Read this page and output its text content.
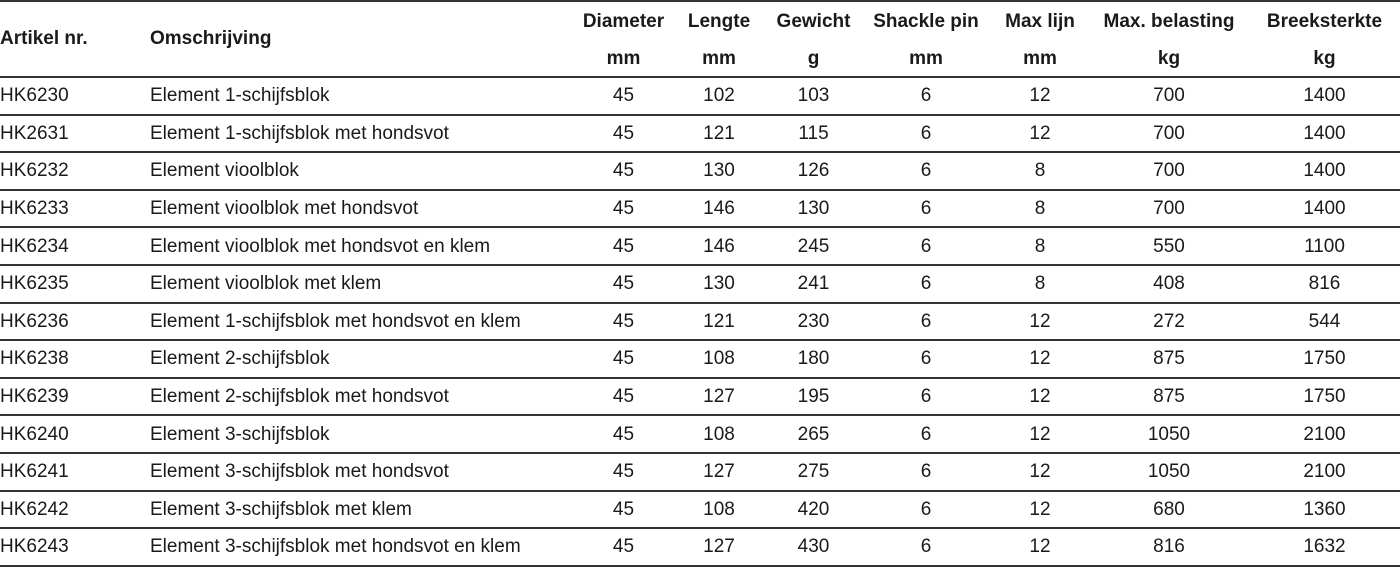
Artikel nr.	Omschrijving	Diameter	Lengte	Gewicht	Shackle pin	Max lijn	Max. belasting	Breeksterkte
		mm	mm	g	mm	mm	kg	kg
HK6230	Element 1-schijfsblok	45	102	103	6	12	700	1400
HK2631	Element 1-schijfsblok met hondsvot	45	121	115	6	12	700	1400
HK6232	Element vioolblok	45	130	126	6	8	700	1400
HK6233	Element vioolblok met hondsvot	45	146	130	6	8	700	1400
HK6234	Element vioolblok met hondsvot en klem	45	146	245	6	8	550	1100
HK6235	Element vioolblok met klem	45	130	241	6	8	408	816
HK6236	Element 1-schijfsblok met hondsvot en klem	45	121	230	6	12	272	544
HK6238	Element 2-schijfsblok	45	108	180	6	12	875	1750
HK6239	Element 2-schijfsblok met hondsvot	45	127	195	6	12	875	1750
HK6240	Element 3-schijfsblok	45	108	265	6	12	1050	2100
HK6241	Element 3-schijfsblok met hondsvot	45	127	275	6	12	1050	2100
HK6242	Element 3-schijfsblok met klem	45	108	420	6	12	680	1360
HK6243	Element 3-schijfsblok met hondsvot en klem	45	127	430	6	12	816	1632
